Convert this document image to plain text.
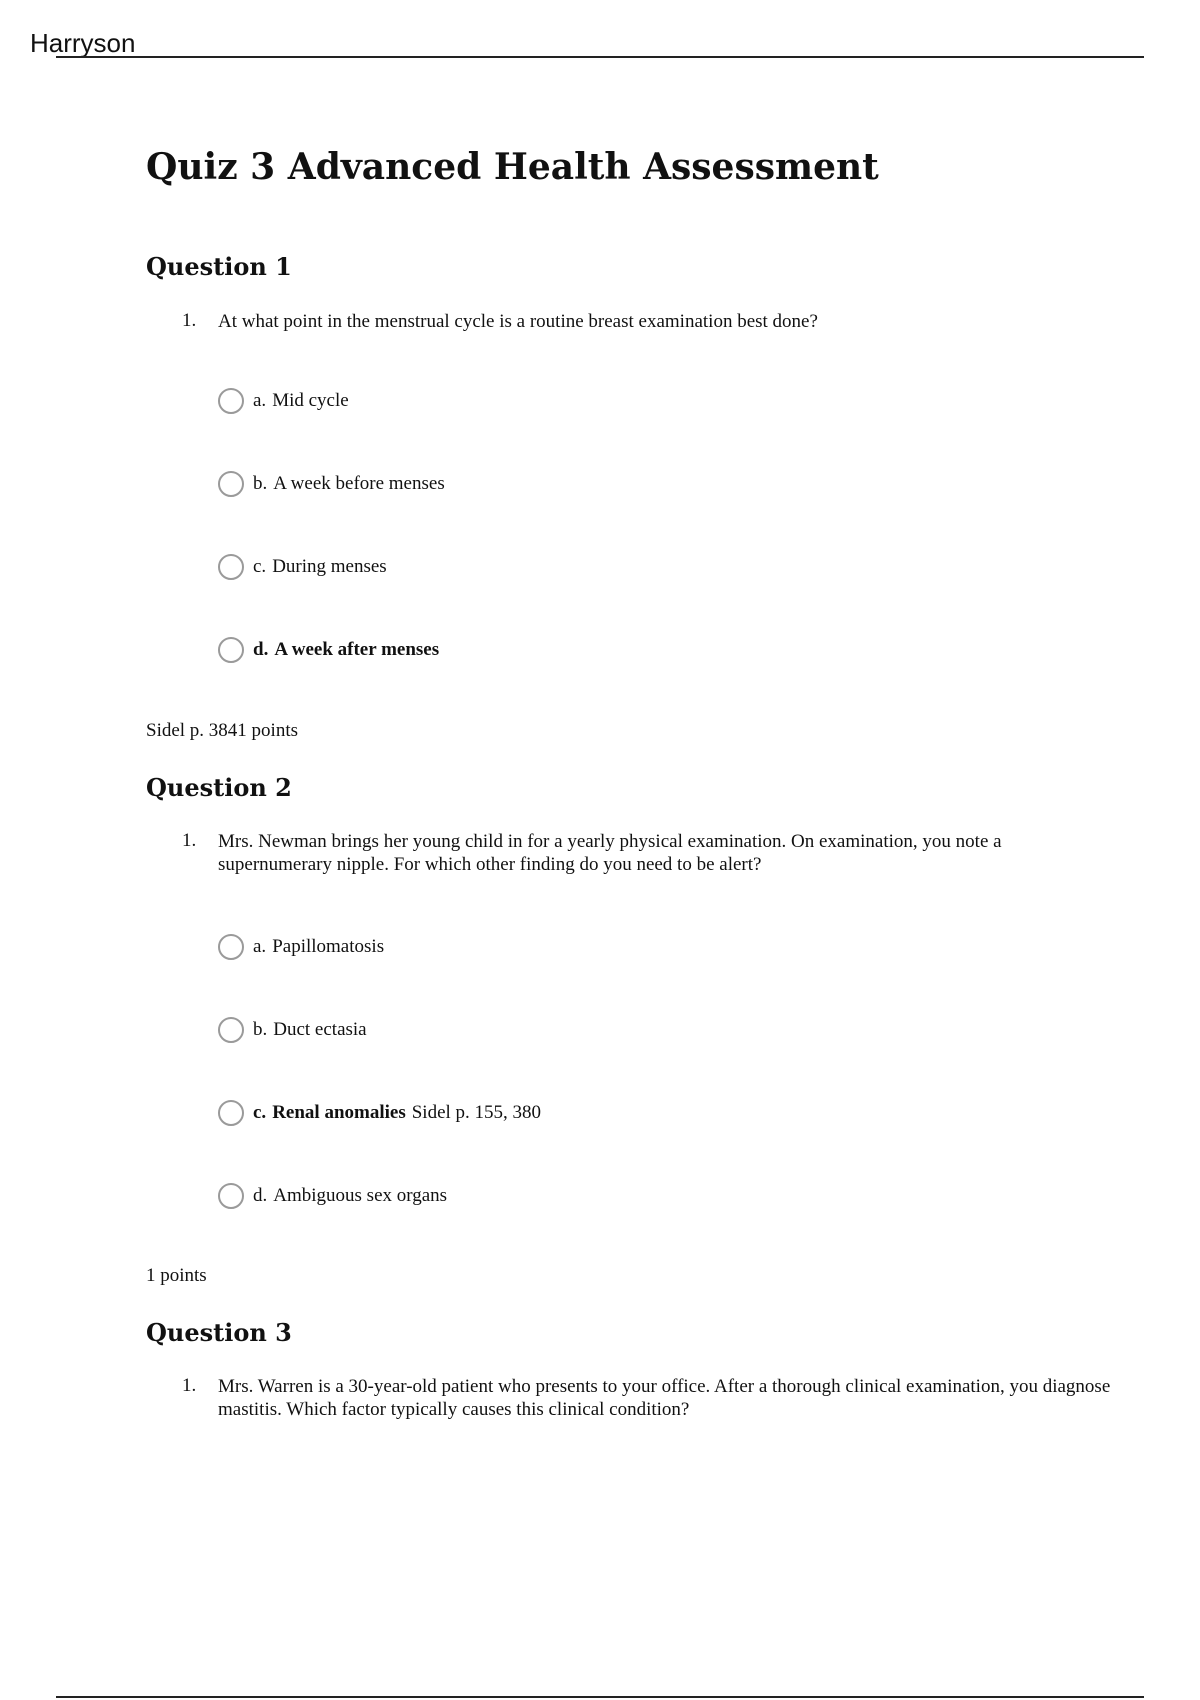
Harryson
Quiz 3 Advanced Health Assessment
Question 1
1. At what point in the menstrual cycle is a routine breast examination best done?
a. Mid cycle
b. A week before menses
c. During menses
d. A week after menses
Sidel p. 3841 points
Question 2
1. Mrs. Newman brings her young child in for a yearly physical examination. On examination, you note a supernumerary nipple. For which other finding do you need to be alert?
a. Papillomatosis
b. Duct ectasia
c. Renal anomalies Sidel p. 155, 380
d. Ambiguous sex organs
1 points
Question 3
1. Mrs. Warren is a 30-year-old patient who presents to your office. After a thorough clinical examination, you diagnose mastitis. Which factor typically causes this clinical condition?
